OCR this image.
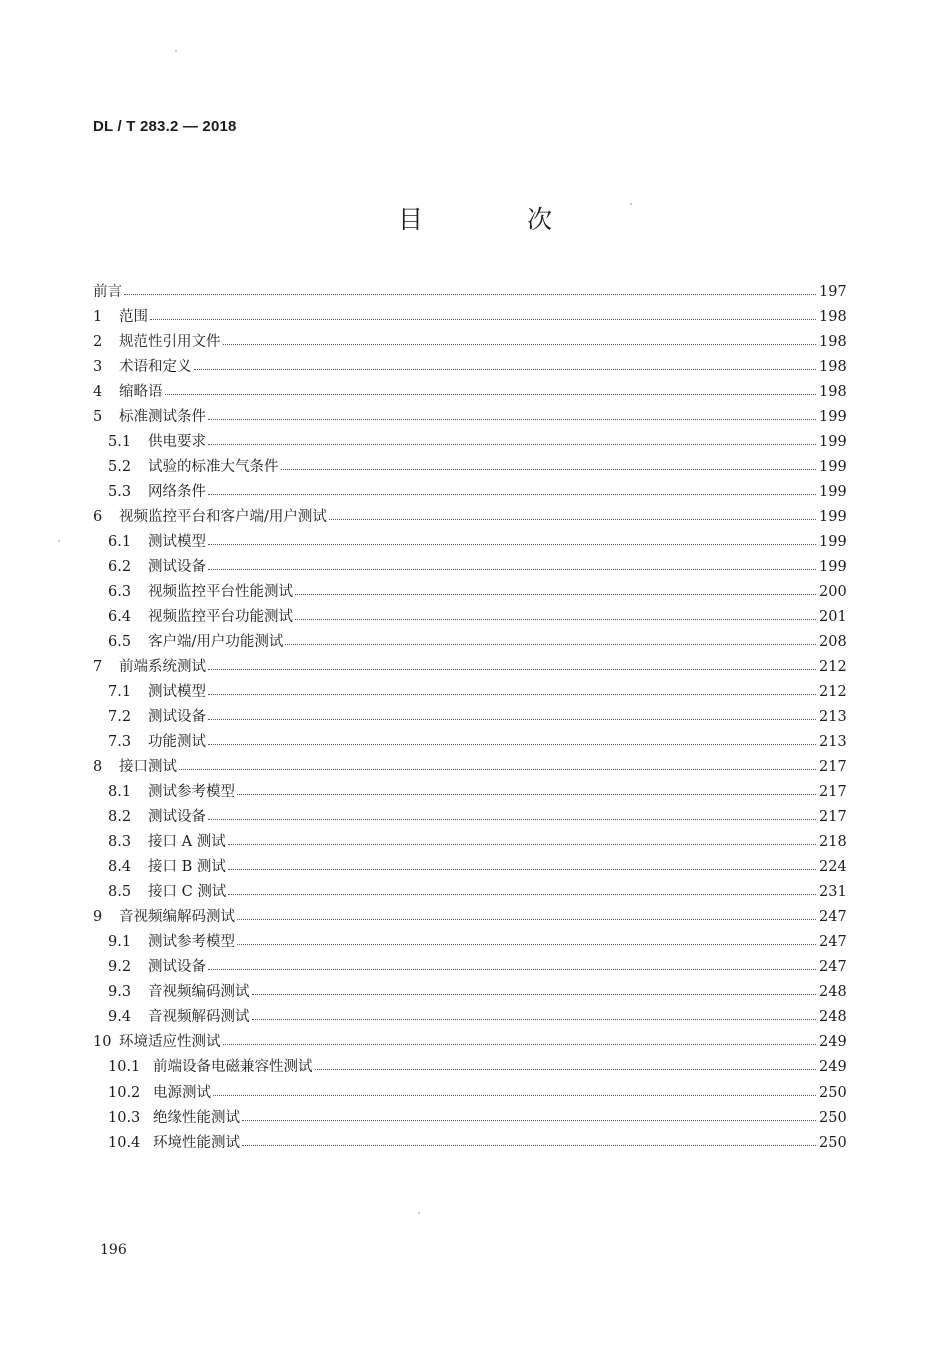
DL / T 283.2 — 2018
目 次
前言	197
1	范围	198
2	规范性引用文件	198
3	术语和定义	198
4	缩略语	198
5	标准测试条件	199
5.1	供电要求	199
5.2	试验的标准大气条件	199
5.3	网络条件	199
6	视频监控平台和客户端/用户测试	199
6.1	测试模型	199
6.2	测试设备	199
6.3	视频监控平台性能测试	200
6.4	视频监控平台功能测试	201
6.5	客户端/用户功能测试	208
7	前端系统测试	212
7.1	测试模型	212
7.2	测试设备	213
7.3	功能测试	213
8	接口测试	217
8.1	测试参考模型	217
8.2	测试设备	217
8.3	接口 A 测试	218
8.4	接口 B 测试	224
8.5	接口 C 测试	231
9	音视频编解码测试	247
9.1	测试参考模型	247
9.2	测试设备	247
9.3	音视频编码测试	248
9.4	音视频解码测试	248
10 环境适应性测试	249
10.1 前端设备电磁兼容性测试	249
10.2 电源测试	250
10.3 绝缘性能测试	250
10.4 环境性能测试	250
196
